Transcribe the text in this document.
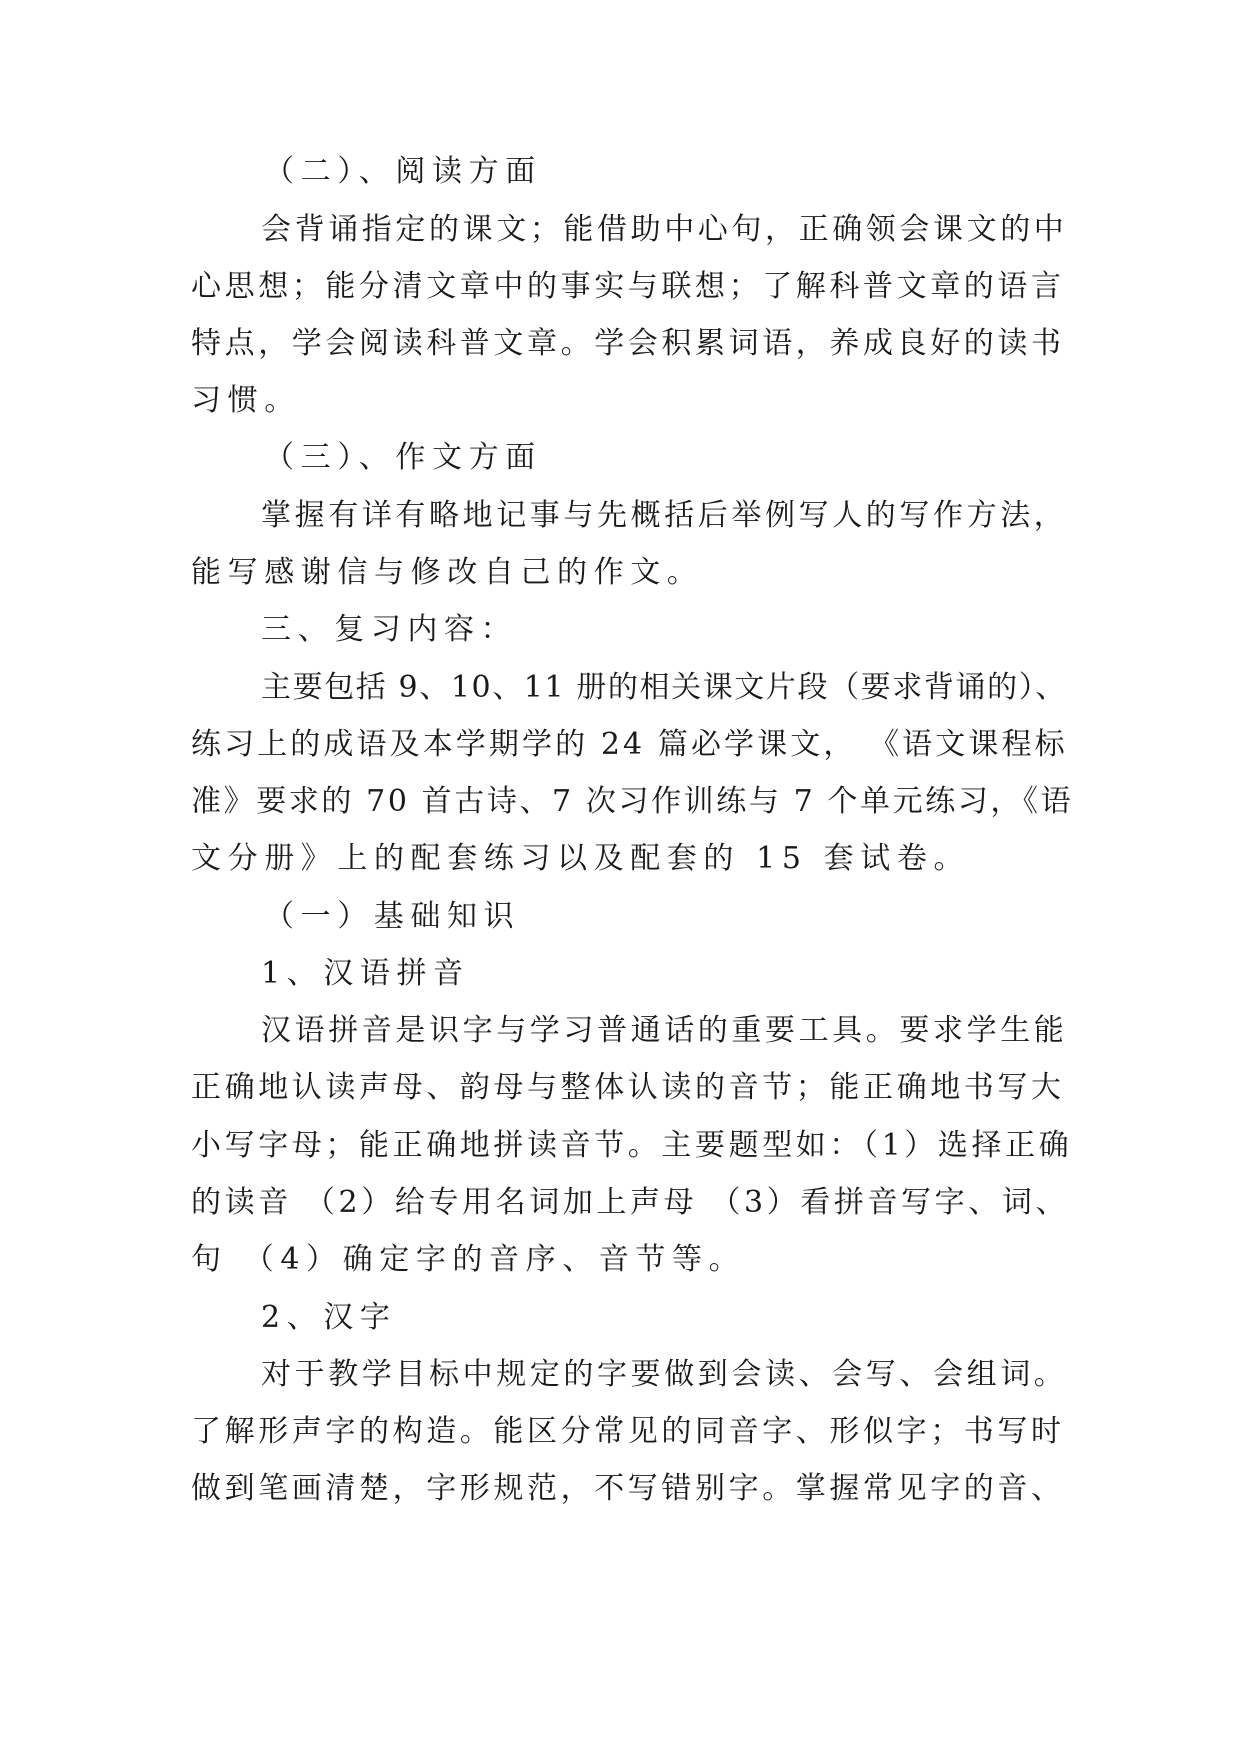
（二）、阅读方面
会背诵指定的课文；能借助中心句，正确领会课文的中
心思想；能分清文章中的事实与联想；了解科普文章的语言
特点，学会阅读科普文章。学会积累词语，养成良好的读书
习惯。
（三）、作文方面
掌握有详有略地记事与先概括后举例写人的写作方法，
能写感谢信与修改自己的作文。
三、复习内容：
主要包括 9、10、11 册的相关课文片段（要求背诵的）、
练习上的成语及本学期学的 24 篇必学课文， 《语文课程标
准》要求的 70 首古诗、7 次习作训练与 7 个单元练习，《语
文分册》上的配套练习以及配套的 15 套试卷。
（一）基础知识
1、汉语拼音
汉语拼音是识字与学习普通话的重要工具。要求学生能
正确地认读声母、韵母与整体认读的音节；能正确地书写大
小写字母；能正确地拼读音节。主要题型如：（1）选择正确
的读音 （2）给专用名词加上声母 （3）看拼音写字、词、
句 （4）确定字的音序、音节等。
2、汉字
对于教学目标中规定的字要做到会读、会写、会组词。
了解形声字的构造。能区分常见的同音字、形似字；书写时
做到笔画清楚，字形规范，不写错别字。掌握常见字的音、
